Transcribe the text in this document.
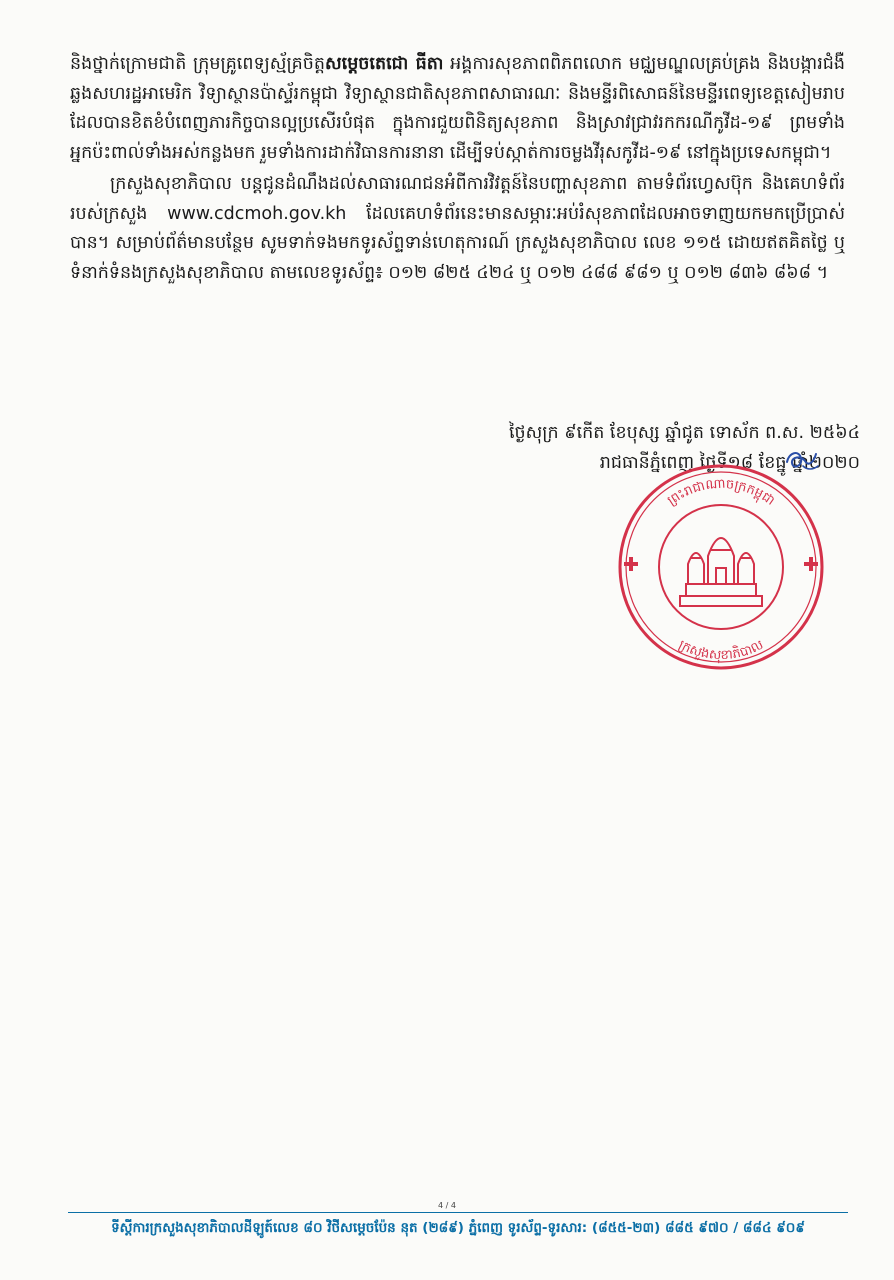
និងថ្នាក់ក្រោមជាតិ ក្រុមគ្រូពេទ្យស្ម័គ្រចិត្តសម្ដេចតេជោ ធីតា អង្គការសុខភាពពិភពលោក មជ្ឈមណ្ឌលគ្រប់គ្រង និងបង្ការជំងឺឆ្លងសហរដ្ឋអាមេរិក វិទ្យាស្ថានប៉ាស្ទ័រកម្ពុជា វិទ្យាស្ថានជាតិសុខភាពសាធារណៈ និងមន្ទីរពិសោធន៍នៃមន្ទីរពេទ្យខេត្តសៀមរាប ដែលបានខិតខំបំពេញភារកិច្ចបានល្អប្រសើរបំផុត ក្នុងការជួយពិនិត្យសុខភាព និងស្រាវជ្រាវរកករណីកូវីដ-១៩ ព្រមទាំងអ្នកប៉ះពាល់ទាំងអស់កន្លងមក រួមទាំងការដាក់វិធានការនានា ដើម្បីទប់ស្កាត់ការចម្លងវីរុសកូវីដ-១៩ នៅក្នុងប្រទេសកម្ពុជា។

ក្រសួងសុខាភិបាល បន្តជូនដំណឹងដល់សាធារណជនអំពីការវិវត្តន៍នៃបញ្ហាសុខភាព តាមទំព័រហ្វេសប៊ុក និងគេហទំព័ររបស់ក្រសួង www.cdcmoh.gov.kh ដែលគេហទំព័រនេះមានសម្ភារៈអប់រំសុខភាពដែលអាចទាញយកមកប្រើប្រាស់បាន។ សម្រាប់ព័ត៌មានបន្ថែម សូមទាក់ទងមកទូរស័ព្ទទាន់ហេតុការណ៍ ក្រសួងសុខាភិបាល លេខ ១១៥ ដោយឥតគិតថ្លៃ ឬទំនាក់ទំនងក្រសួងសុខាភិបាល តាមលេខទូរស័ព្ទ៖ ០១២ ៨២៥ ៤២៤ ឬ ០១២ ៤៨៨ ៩៨១ ឬ ០១២ ៨៣៦ ៨៦៨ ។

ថ្ងៃសុក្រ ៩កើត ខែបុស្ស ឆ្នាំជូត ទោស័ក ព.ស. ២៥៦៤
រាជធានីភ្នំពេញ ថ្ងៃទី១៨ ខែធ្នូ ឆ្នាំ២០២០
ព្រះរាជាណាចក្រកម្ពុជា
ក្រសួងសុខាភិបាល
4 / 4
ទីស្ដីការក្រសួងសុខាភិបាលដីឡូត៍លេខ ៨០ វិថីសម្ដេចប៉ែន នុត (២៨៩) ភ្នំពេញ ទូរស័ព្ទ-ទូរសារ: (៨៥៥-២៣) ៨៨៥ ៩៧០ / ៨៨៤ ៩០៩
